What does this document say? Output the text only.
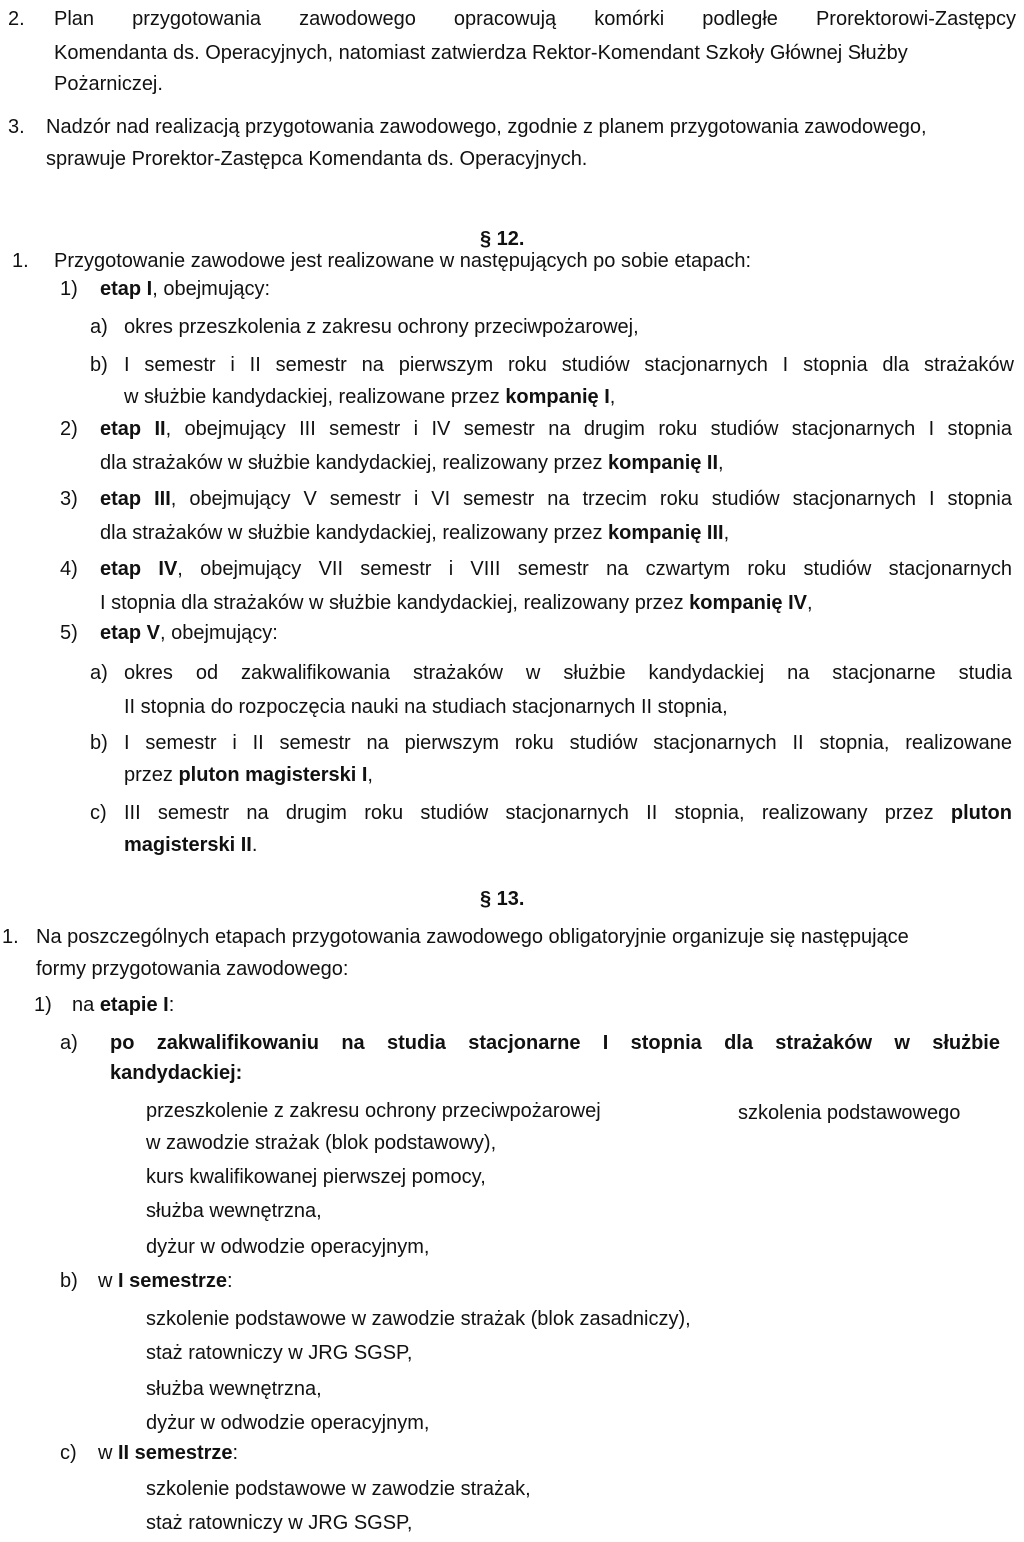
2. Plan przygotowania zawodowego opracowują komórki podległe Prorektorowi-Zastępcy
Komendanta ds. Operacyjnych, natomiast zatwierdza Rektor-Komendant Szkoły Głównej Służby
Pożarniczej.
3. Nadzór nad realizacją przygotowania zawodowego, zgodnie z planem przygotowania zawodowego,
sprawuje Prorektor-Zastępca Komendanta ds. Operacyjnych.
§ 12.
1. Przygotowanie zawodowe jest realizowane w następujących po sobie etapach:
1) etap I, obejmujący:
a) okres przeszkolenia z zakresu ochrony przeciwpożarowej,
b) I semestr i II semestr na pierwszym roku studiów stacjonarnych I stopnia dla strażaków
w służbie kandydackiej, realizowane przez kompanię I,
2) etap II, obejmujący III semestr i IV semestr na drugim roku studiów stacjonarnych I stopnia
dla strażaków w służbie kandydackiej, realizowany przez kompanię II,
3) etap III, obejmujący V semestr i VI semestr na trzecim roku studiów stacjonarnych I stopnia
dla strażaków w służbie kandydackiej, realizowany przez kompanię III,
4) etap IV, obejmujący VII semestr i VIII semestr na czwartym roku studiów stacjonarnych
I stopnia dla strażaków w służbie kandydackiej, realizowany przez kompanię IV,
5) etap V, obejmujący:
a) okres od zakwalifikowania strażaków w służbie kandydackiej na stacjonarne studia
II stopnia do rozpoczęcia nauki na studiach stacjonarnych II stopnia,
b) I semestr i II semestr na pierwszym roku studiów stacjonarnych II stopnia, realizowane
przez pluton magisterski I,
c) III semestr na drugim roku studiów stacjonarnych II stopnia, realizowany przez pluton
magisterski II.
§ 13.
1. Na poszczególnych etapach przygotowania zawodowego obligatoryjnie organizuje się następujące
formy przygotowania zawodowego:
1) na etapie I:
a) po zakwalifikowaniu na studia stacjonarne I stopnia dla strażaków w służbie
kandydackiej:
przeszkolenie z zakresu ochrony przeciwpożarowej	szkolenia podstawowego
w zawodzie strażak (blok podstawowy),
kurs kwalifikowanej pierwszej pomocy,
służba wewnętrzna,
dyżur w odwodzie operacyjnym,
b) w I semestrze:
szkolenie podstawowe w zawodzie strażak (blok zasadniczy),
staż ratowniczy w JRG SGSP,
służba wewnętrzna,
dyżur w odwodzie operacyjnym,
c) w II semestrze:
szkolenie podstawowe w zawodzie strażak,
staż ratowniczy w JRG SGSP,
